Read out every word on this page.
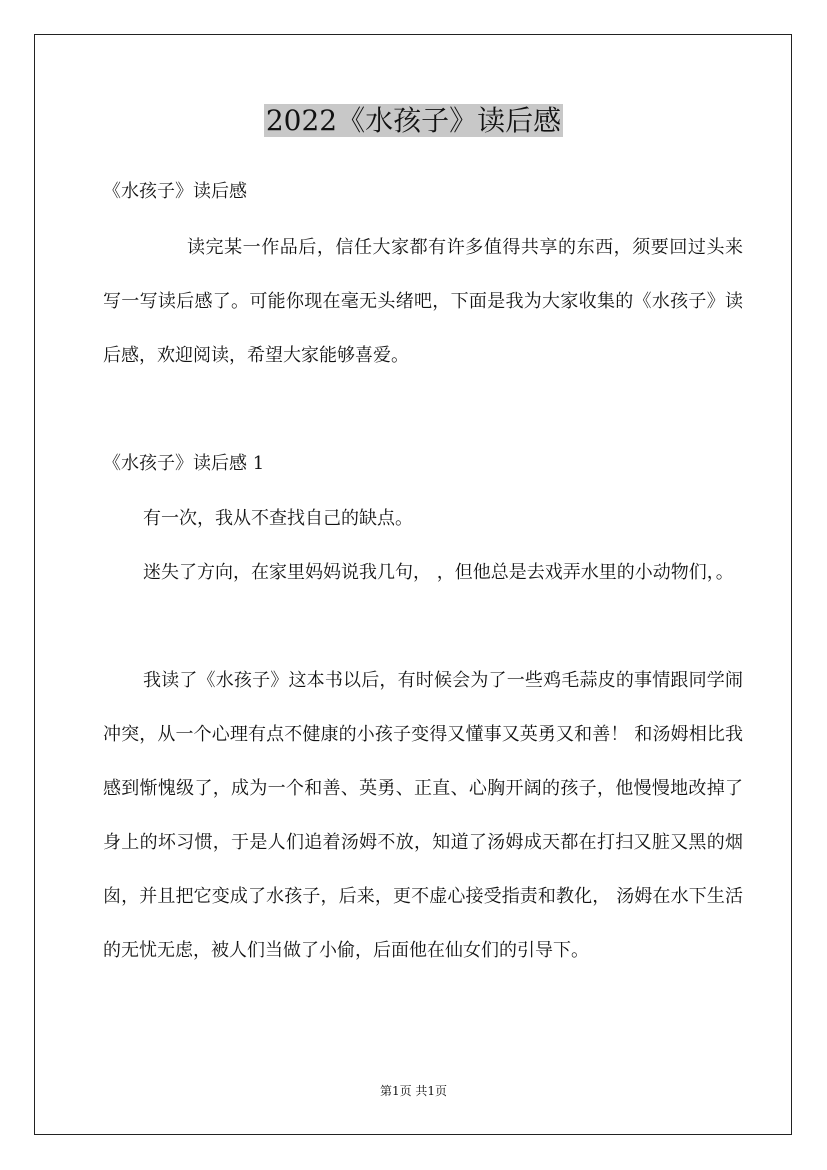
2022《水孩子》读后感

《水孩子》读后感

读完某一作品后，信任大家都有许多值得共享的东西，须要回过头来写一写读后感了。可能你现在毫无头绪吧，下面是我为大家收集的《水孩子》读后感，欢迎阅读，希望大家能够喜爱。

《水孩子》读后感 1

有一次，我从不查找自己的缺点。

迷失了方向，在家里妈妈说我几句， ，但他总是去戏弄水里的小动物们，。

我读了《水孩子》这本书以后，有时候会为了一些鸡毛蒜皮的事情跟同学闹冲突，从一个心理有点不健康的小孩子变得又懂事又英勇又和善！ 和汤姆相比我感到惭愧级了，成为一个和善、英勇、正直、心胸开阔的孩子，他慢慢地改掉了身上的坏习惯，于是人们追着汤姆不放，知道了汤姆成天都在打扫又脏又黑的烟囱，并且把它变成了水孩子，后来，更不虚心接受指责和教化， 汤姆在水下生活的无忧无虑，被人们当做了小偷，后面他在仙女们的引导下。

第1页 共1页
